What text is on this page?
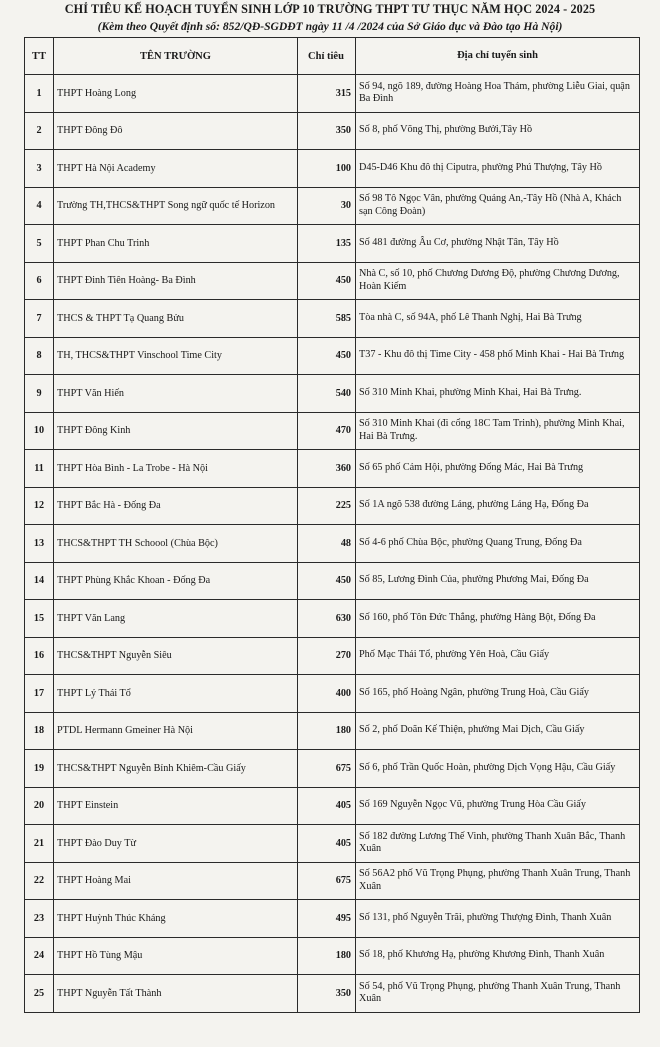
CHỈ TIÊU KẾ HOẠCH TUYỂN SINH LỚP 10 TRƯỜNG THPT TƯ THỤC NĂM HỌC 2024 - 2025
(Kèm theo Quyết định số: 852/QĐ-SGDĐT ngày 11 /4 /2024 của Sở Giáo dục và Đào tạo Hà Nội)
TT	TÊN TRƯỜNG	Chỉ tiêu	Địa chỉ tuyển sinh
1	THPT Hoàng Long	315	Số 94, ngõ 189, đường Hoàng Hoa Thám, phường Liễu Giai, quận Ba Đình
2	THPT Đông Đô	350	Số 8, phố Võng Thị, phường Bưởi,Tây Hồ
3	THPT Hà Nội Academy	100	D45-D46 Khu đô thị Ciputra, phường Phú Thượng, Tây Hồ
4	Trường TH,THCS&THPT Song ngữ quốc tế Horizon	30	Số 98 Tô Ngọc Vân, phường Quảng An,-Tây Hồ (Nhà A, Khách sạn Công Đoàn)
5	THPT Phan Chu Trinh	135	Số 481 đường Âu Cơ, phường Nhật Tân, Tây Hồ
6	THPT Đinh Tiên Hoàng- Ba Đình	450	Nhà C, số 10, phố Chương Dương Độ, phường Chương Dương, Hoàn Kiếm
7	THCS & THPT Tạ Quang Bửu	585	Tòa nhà C, số 94A, phố Lê Thanh Nghị, Hai Bà Trưng
8	TH, THCS&THPT Vinschool Time City	450	T37 - Khu đô thị Time City - 458 phố Minh Khai - Hai Bà Trưng
9	THPT Văn Hiến	540	Số 310 Minh Khai, phường Minh Khai, Hai Bà Trưng.
10	THPT Đông Kinh	470	Số 310 Minh Khai (đi cổng 18C Tam Trinh), phường Minh Khai, Hai Bà Trưng.
11	THPT Hòa Bình - La Trobe - Hà Nội	360	Số 65 phố Cảm Hội, phường Đống Mác, Hai Bà Trưng
12	THPT Bắc Hà - Đống Đa	225	Số 1A ngõ 538 đường Láng, phường Láng Hạ, Đống Đa
13	THCS&THPT TH Schoool (Chùa Bộc)	48	Số 4-6 phố Chùa Bộc, phường Quang Trung, Đống Đa
14	THPT Phùng Khắc Khoan - Đống Đa	450	Số 85, Lương Đình Của, phường Phương Mai, Đống Đa
15	THPT Văn Lang	630	Số 160, phố Tôn Đức Thắng, phường Hàng Bột, Đống Đa
16	THCS&THPT Nguyễn Siêu	270	Phố Mạc Thái Tổ, phường Yên Hoà, Cầu Giấy
17	THPT Lý Thái Tổ	400	Số 165, phố Hoàng Ngân, phường Trung Hoà, Cầu Giấy
18	PTDL Hermann Gmeiner Hà Nội	180	Số 2, phố Doãn Kế Thiện, phường Mai Dịch, Cầu Giấy
19	THCS&THPT Nguyễn Bỉnh Khiêm-Cầu Giấy	675	Số 6, phố Trần Quốc Hoàn, phường Dịch Vọng Hậu, Cầu Giấy
20	THPT Einstein	405	Số 169 Nguyễn Ngọc Vũ, phường Trung Hòa Cầu Giấy
21	THPT Đào Duy Từ	405	Số 182 đường Lương Thế Vinh, phường Thanh Xuân Bắc, Thanh Xuân
22	THPT Hoàng Mai	675	Số 56A2 phố Vũ Trọng Phụng, phường Thanh Xuân Trung, Thanh Xuân
23	THPT Huỳnh Thúc Kháng	495	Số 131, phố Nguyễn Trãi, phường Thượng Đình, Thanh Xuân
24	THPT Hồ Tùng Mậu	180	Số 18, phố Khương Hạ, phường Khương Đình, Thanh Xuân
25	THPT Nguyễn Tất Thành	350	Số 54, phố Vũ Trọng Phụng, phường Thanh Xuân Trung, Thanh Xuân
